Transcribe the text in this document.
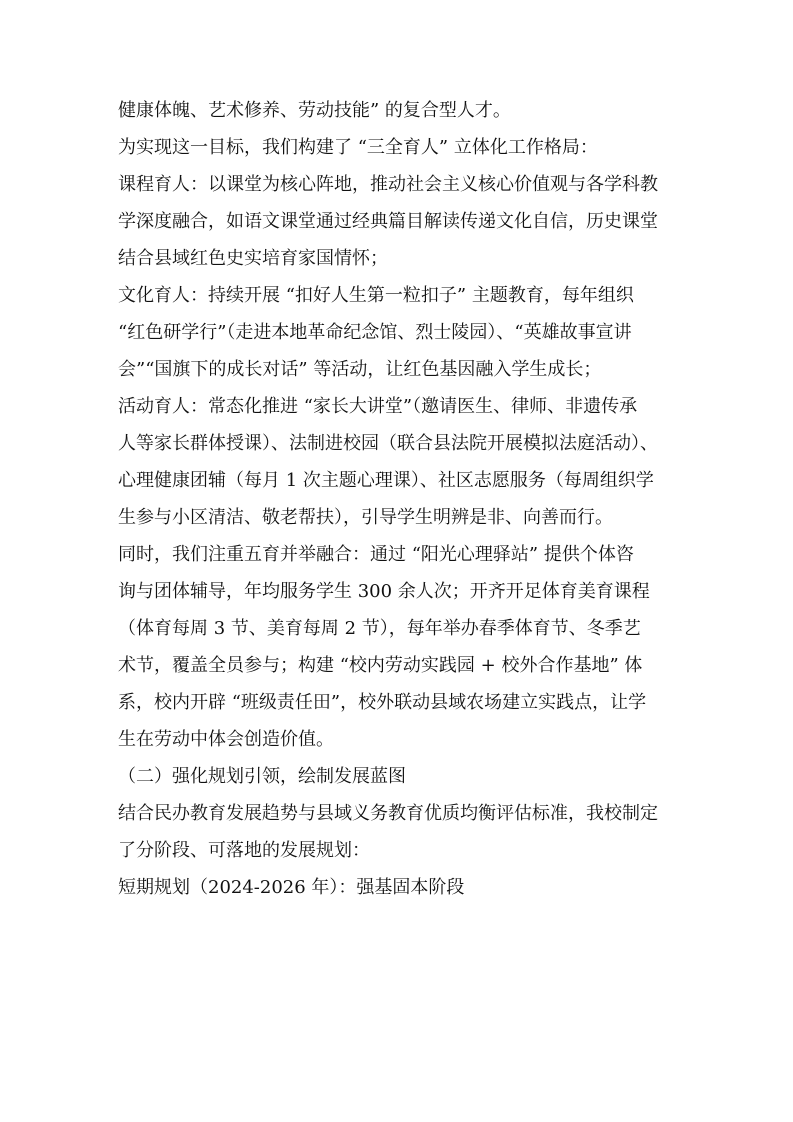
健康体魄、艺术修养、劳动技能” 的复合型人才。
为实现这一目标，我们构建了 “三全育人” 立体化工作格局：
课程育人：以课堂为核心阵地，推动社会主义核心价值观与各学科教
学深度融合，如语文课堂通过经典篇目解读传递文化自信，历史课堂
结合县域红色史实培育家国情怀；
文化育人：持续开展 “扣好人生第一粒扣子” 主题教育，每年组织
“红色研学行”（走进本地革命纪念馆、烈士陵园）、“英雄故事宣讲
会”“国旗下的成长对话” 等活动，让红色基因融入学生成长；
活动育人：常态化推进 “家长大讲堂”（邀请医生、律师、非遗传承
人等家长群体授课）、法制进校园（联合县法院开展模拟法庭活动）、
心理健康团辅（每月 1 次主题心理课）、社区志愿服务（每周组织学
生参与小区清洁、敬老帮扶），引导学生明辨是非、向善而行。
同时，我们注重五育并举融合：通过 “阳光心理驿站” 提供个体咨
询与团体辅导，年均服务学生 300 余人次；开齐开足体育美育课程
（体育每周 3 节、美育每周 2 节），每年举办春季体育节、冬季艺
术节，覆盖全员参与；构建 “校内劳动实践园 + 校外合作基地” 体
系，校内开辟 “班级责任田”，校外联动县域农场建立实践点，让学
生在劳动中体会创造价值。
（二）强化规划引领，绘制发展蓝图
结合民办教育发展趋势与县域义务教育优质均衡评估标准，我校制定
了分阶段、可落地的发展规划：
短期规划（2024-2026 年）：强基固本阶段
